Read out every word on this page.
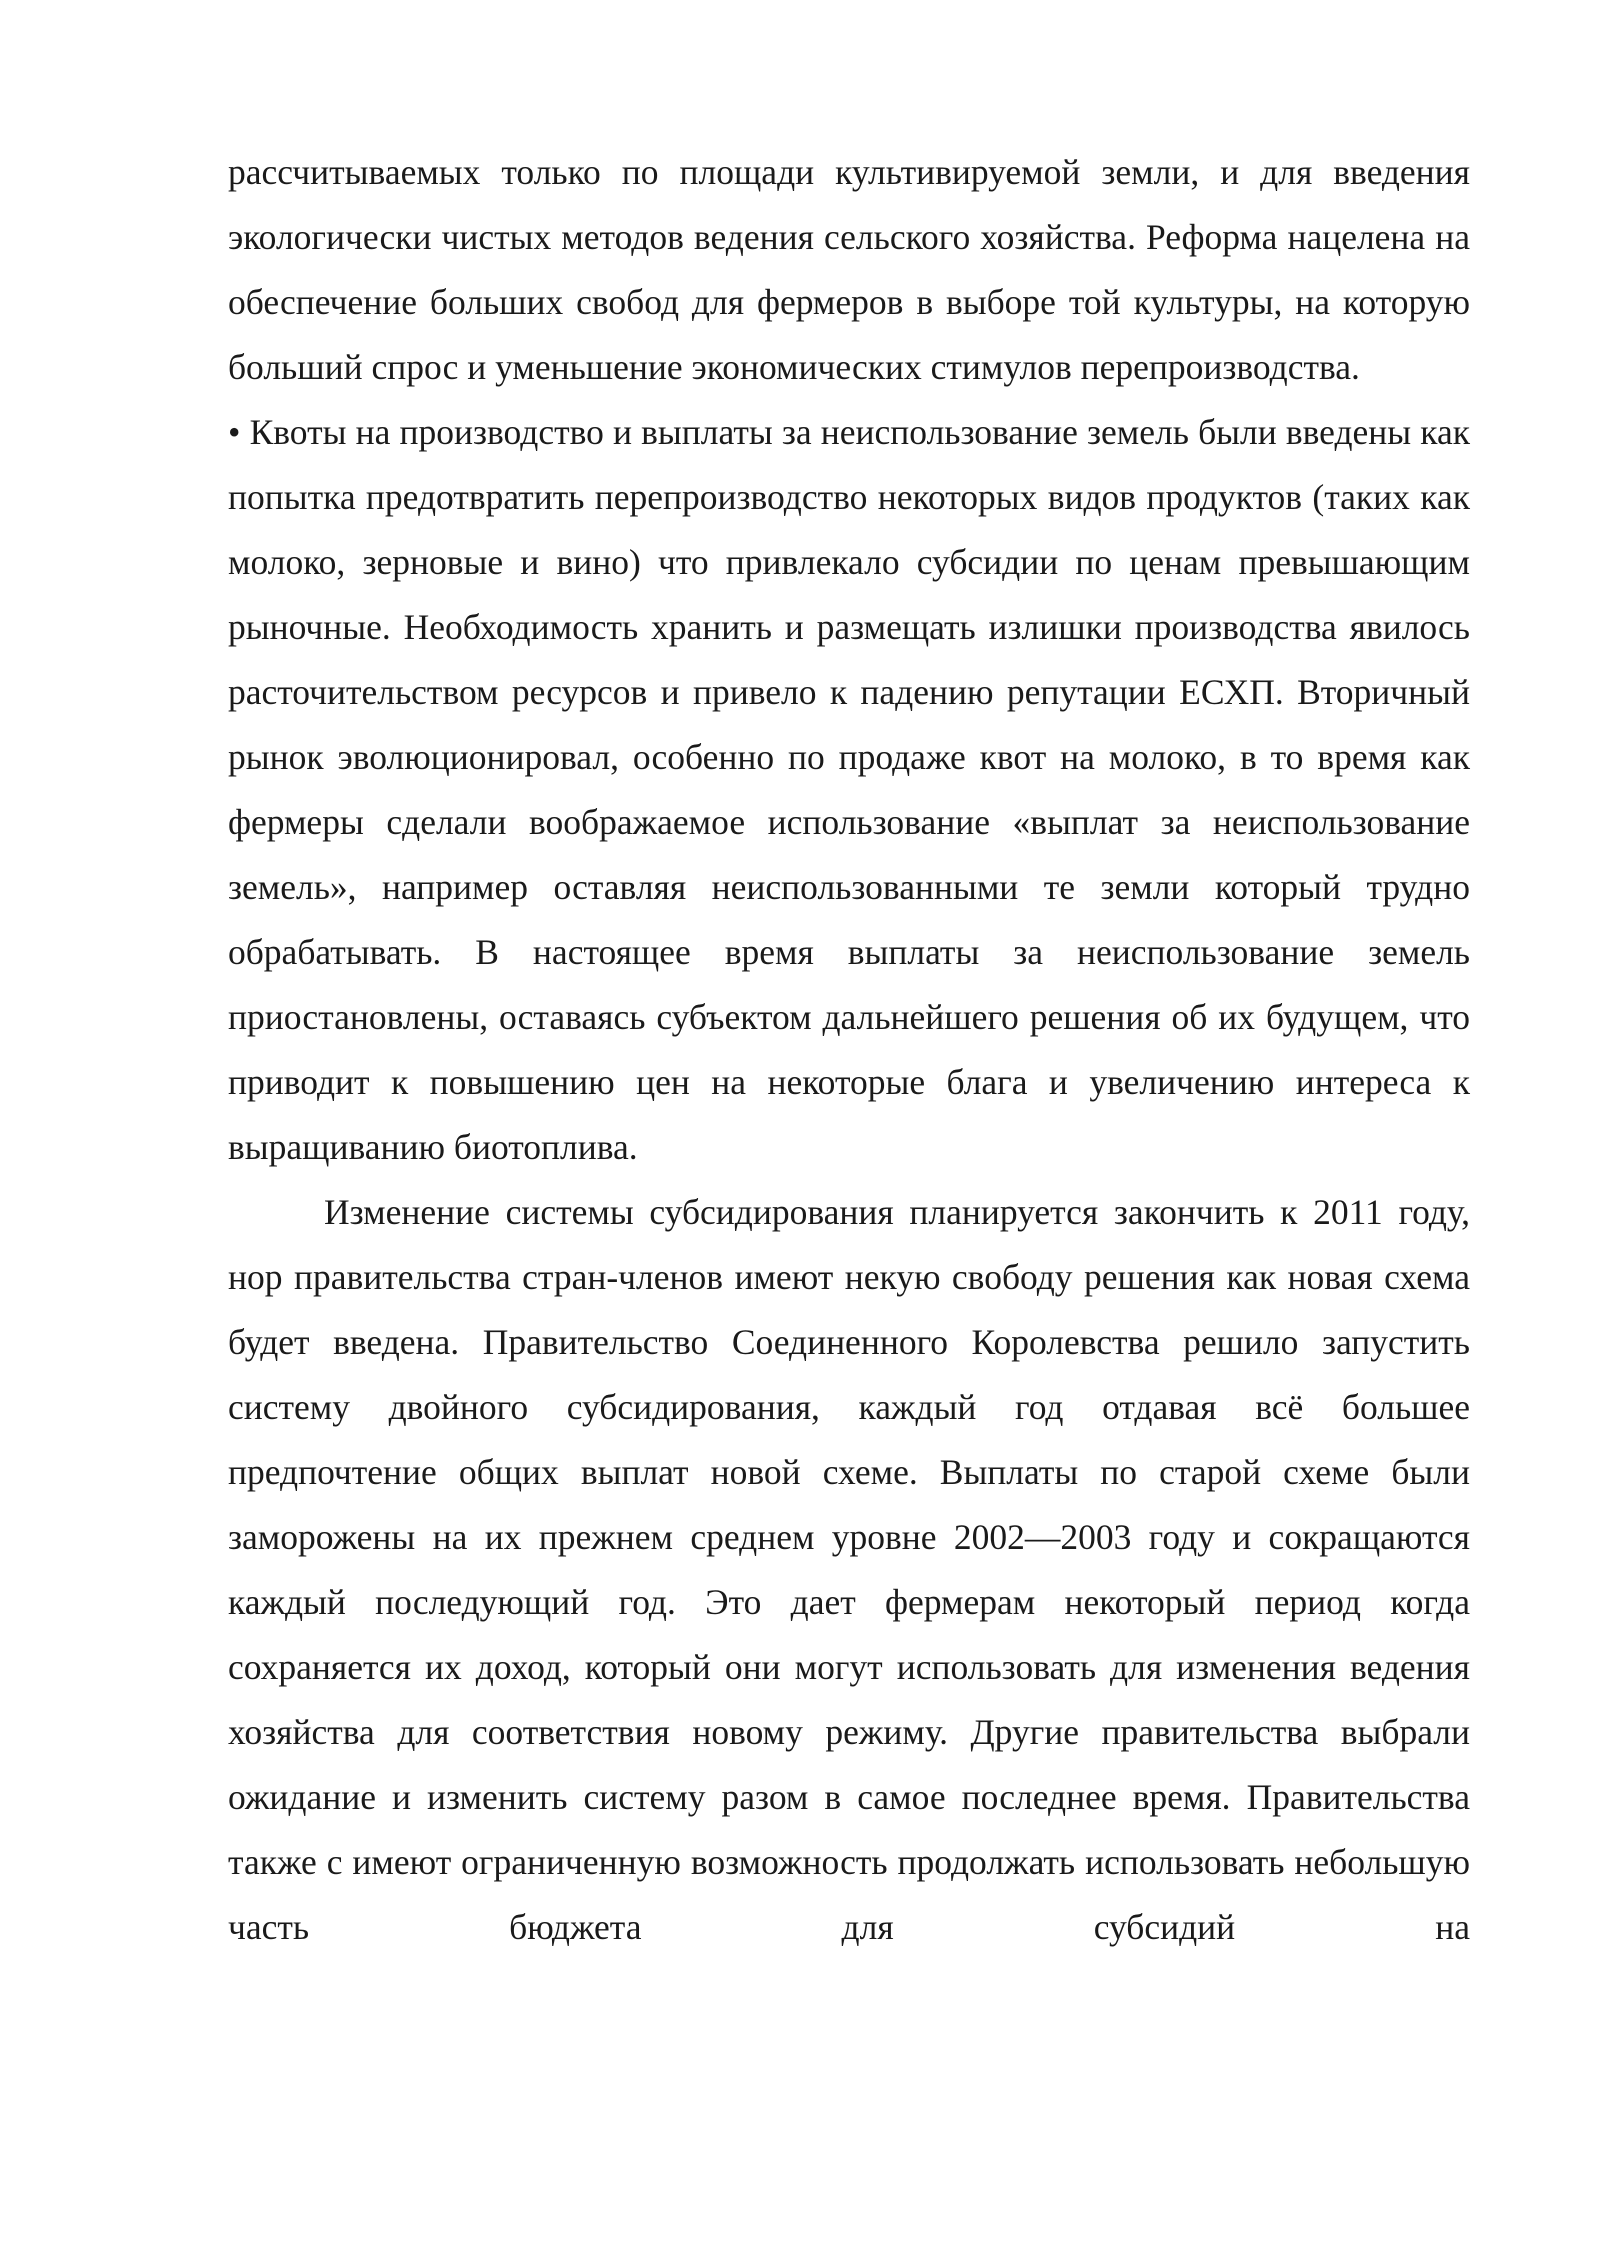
рассчитываемых только по площади культивируемой земли, и для введения экологически чистых методов ведения сельского хозяйства. Реформа нацелена на обеспечение больших свобод для фермеров в выборе той культуры, на которую больший спрос и уменьшение экономических стимулов перепроизводства.

• Квоты на производство и выплаты за неиспользование земель были введены как попытка предотвратить перепроизводство некоторых видов продуктов (таких как молоко, зерновые и вино) что привлекало субсидии по ценам превышающим рыночные. Необходимость хранить и размещать излишки производства явилось расточительством ресурсов и привело к падению репутации ЕСХП. Вторичный рынок эволюционировал, особенно по продаже квот на молоко, в то время как фермеры сделали воображаемое использование «выплат за неиспользование земель», например оставляя неиспользованными те земли который трудно обрабатывать. В настоящее время выплаты за неиспользование земель приостановлены, оставаясь субъектом дальнейшего решения об их будущем, что приводит к повышению цен на некоторые блага и увеличению интереса к выращиванию биотоплива.

Изменение системы субсидирования планируется закончить к 2011 году, нор правительства стран-членов имеют некую свободу решения как новая схема будет введена. Правительство Соединенного Королевства решило запустить систему двойного субсидирования, каждый год отдавая всё большее предпочтение общих выплат новой схеме. Выплаты по старой схеме были заморожены на их прежнем среднем уровне 2002—2003 году и сокращаются каждый последующий год. Это дает фермерам некоторый период когда сохраняется их доход, который они могут использовать для изменения ведения хозяйства для соответствия новому режиму. Другие правительства выбрали ожидание и изменить систему разом в самое последнее время. Правительства также с имеют ограниченную возможность продолжать использовать небольшую часть бюджета для субсидий на
